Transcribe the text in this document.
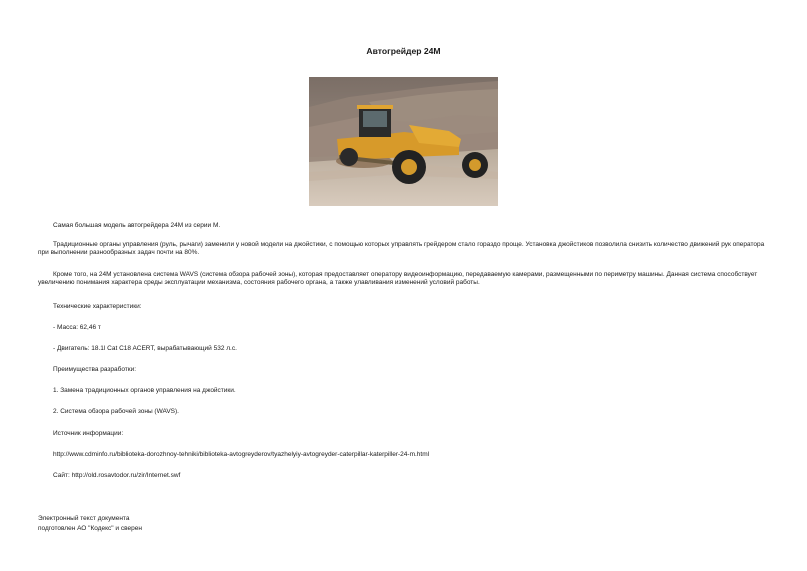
Автогрейдер 24M

Самая большая модель автогрейдера 24M из серии M.

Традиционные органы управления (руль, рычаги) заменили у новой модели на джойстики, с помощью которых управлять грейдером стало гораздо проще. Установка джойстиков позволила снизить количество движений рук оператора при выполнении разнообразных задач почти на 80%.

Кроме того, на 24M установлена система WAVS (система обзора рабочей зоны), которая предоставляет оператору видеоинформацию, передаваемую камерами, размещенными по периметру машины. Данная система способствует увеличению понимания характера среды эксплуатации механизма, состояния рабочего органа, а также улавливания изменений условий работы.

Технические характеристики:

- Масса: 62,46 т

- Двигатель: 18.1l Cat C18 ACERT, вырабатывающий 532 л.с.

Преимущества разработки:

1. Замена традиционных органов управления на джойстики.

2. Система обзора рабочей зоны (WAVS).

Источник информации:

http://www.cdminfo.ru/biblioteka-dorozhnoy-tehniki/biblioteka-avtogreyderov/tyazhelyiy-avtogreyder-caterpillar-katerpiller-24-m.html

Сайт: http://old.rosavtodor.ru/zir/Internet.swf

Электронный текст документа
подготовлен АО "Кодекс" и сверен
